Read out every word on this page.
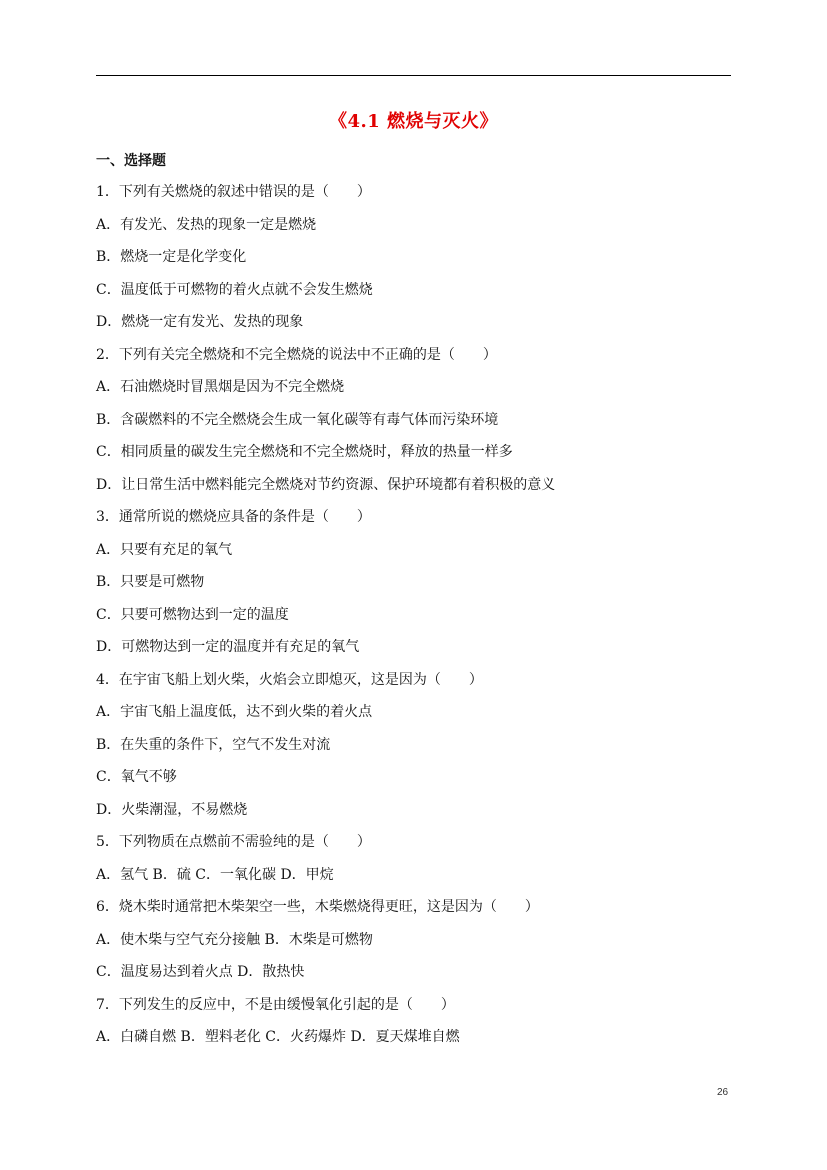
《4.1 燃烧与灭火》
一、选择题
1．下列有关燃烧的叙述中错误的是（　　）
A．有发光、发热的现象一定是燃烧
B．燃烧一定是化学变化
C．温度低于可燃物的着火点就不会发生燃烧
D．燃烧一定有发光、发热的现象
2．下列有关完全燃烧和不完全燃烧的说法中不正确的是（　　）
A．石油燃烧时冒黑烟是因为不完全燃烧
B．含碳燃料的不完全燃烧会生成一氧化碳等有毒气体而污染环境
C．相同质量的碳发生完全燃烧和不完全燃烧时，释放的热量一样多
D．让日常生活中燃料能完全燃烧对节约资源、保护环境都有着积极的意义
3．通常所说的燃烧应具备的条件是（　　）
A．只要有充足的氧气
B．只要是可燃物
C．只要可燃物达到一定的温度
D．可燃物达到一定的温度并有充足的氧气
4．在宇宙飞船上划火柴，火焰会立即熄灭，这是因为（　　）
A．宇宙飞船上温度低，达不到火柴的着火点
B．在失重的条件下，空气不发生对流
C．氧气不够
D．火柴潮湿，不易燃烧
5．下列物质在点燃前不需验纯的是（　　）
A．氢气 B．硫 C．一氧化碳 D．甲烷
6．烧木柴时通常把木柴架空一些，木柴燃烧得更旺，这是因为（　　）
A．使木柴与空气充分接触 B．木柴是可燃物
C．温度易达到着火点 D．散热快
7．下列发生的反应中，不是由缓慢氧化引起的是（　　）
A．白磷自燃 B．塑料老化 C．火药爆炸 D．夏天煤堆自燃
26
